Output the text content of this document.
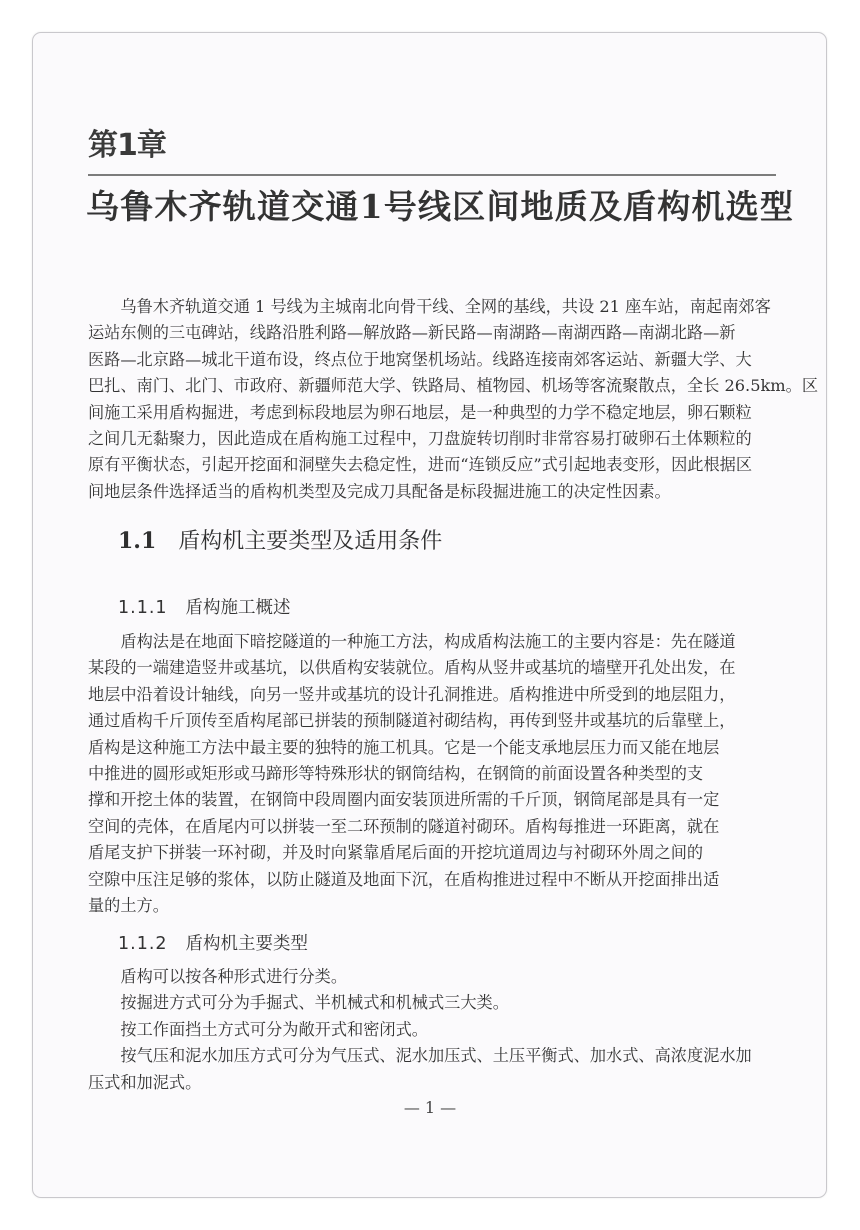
第1章
乌鲁木齐轨道交通1号线区间地质及盾构机选型
乌鲁木齐轨道交通 1 号线为主城南北向骨干线、全网的基线，共设 21 座车站，南起南郊客
运站东侧的三屯碑站，线路沿胜利路—解放路—新民路—南湖路—南湖西路—南湖北路—新
医路—北京路—城北干道布设，终点位于地窝堡机场站。线路连接南郊客运站、新疆大学、大
巴扎、南门、北门、市政府、新疆师范大学、铁路局、植物园、机场等客流聚散点，全长 26.5km。区
间施工采用盾构掘进，考虑到标段地层为卵石地层，是一种典型的力学不稳定地层，卵石颗粒
之间几无黏聚力，因此造成在盾构施工过程中，刀盘旋转切削时非常容易打破卵石土体颗粒的
原有平衡状态，引起开挖面和洞壁失去稳定性，进而“连锁反应”式引起地表变形，因此根据区
间地层条件选择适当的盾构机类型及完成刀具配备是标段掘进施工的决定性因素。
1.1 盾构机主要类型及适用条件
1.1.1 盾构施工概述
盾构法是在地面下暗挖隧道的一种施工方法，构成盾构法施工的主要内容是：先在隧道
某段的一端建造竖井或基坑，以供盾构安装就位。盾构从竖井或基坑的墙壁开孔处出发，在
地层中沿着设计轴线，向另一竖井或基坑的设计孔洞推进。盾构推进中所受到的地层阻力，
通过盾构千斤顶传至盾构尾部已拼装的预制隧道衬砌结构，再传到竖井或基坑的后靠壁上，
盾构是这种施工方法中最主要的独特的施工机具。它是一个能支承地层压力而又能在地层
中推进的圆形或矩形或马蹄形等特殊形状的钢筒结构，在钢筒的前面设置各种类型的支
撑和开挖土体的装置，在钢筒中段周圈内面安装顶进所需的千斤顶，钢筒尾部是具有一定
空间的壳体，在盾尾内可以拼装一至二环预制的隧道衬砌环。盾构每推进一环距离，就在
盾尾支护下拼装一环衬砌，并及时向紧靠盾尾后面的开挖坑道周边与衬砌环外周之间的
空隙中压注足够的浆体，以防止隧道及地面下沉，在盾构推进过程中不断从开挖面排出适
量的土方。
1.1.2 盾构机主要类型
盾构可以按各种形式进行分类。
按掘进方式可分为手掘式、半机械式和机械式三大类。
按工作面挡土方式可分为敞开式和密闭式。
按气压和泥水加压方式可分为气压式、泥水加压式、土压平衡式、加水式、高浓度泥水加
压式和加泥式。
— 1 —
